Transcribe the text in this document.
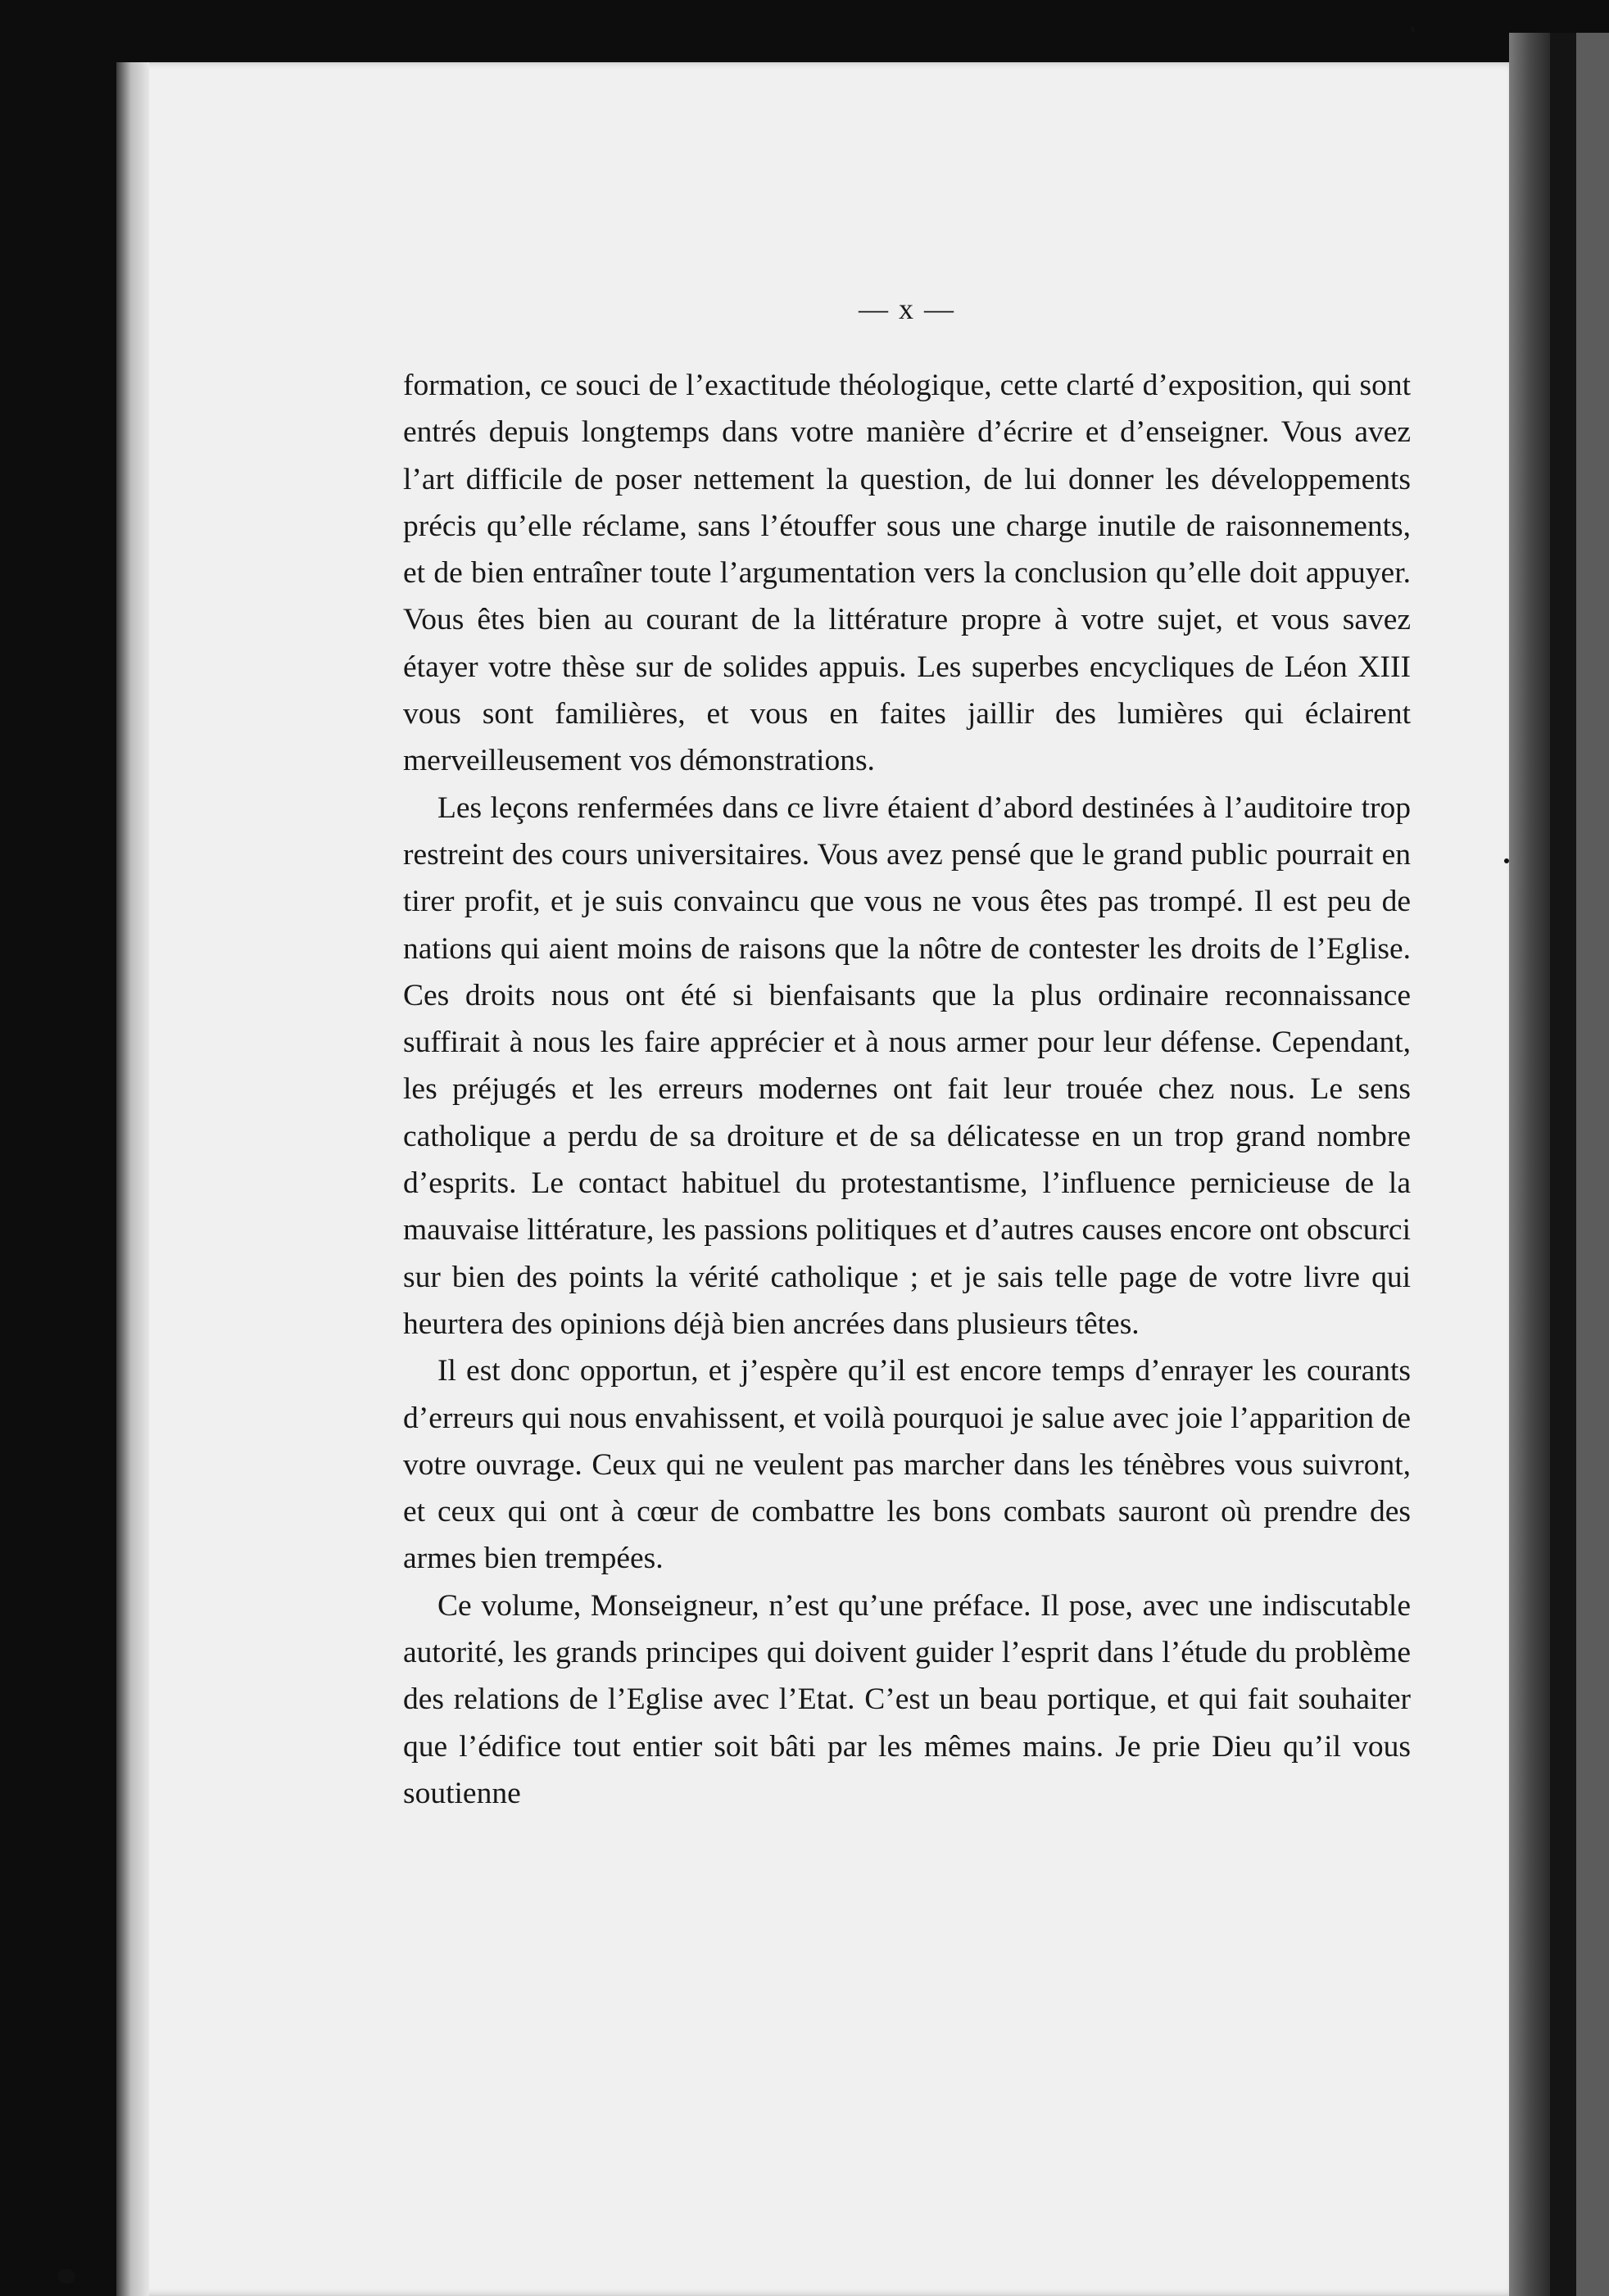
— x —

formation, ce souci de l’exactitude théologique, cette clarté d’exposition, qui sont entrés depuis longtemps dans votre manière d’écrire et d’enseigner. Vous avez l’art difficile de poser nettement la question, de lui donner les développements précis qu’elle réclame, sans l’étouffer sous une charge inutile de raisonnements, et de bien entraîner toute l’argumentation vers la conclusion qu’elle doit appuyer. Vous êtes bien au courant de la littérature propre à votre sujet, et vous savez étayer votre thèse sur de solides appuis. Les superbes encycliques de Léon XIII vous sont familières, et vous en faites jaillir des lumières qui éclairent merveilleusement vos démonstrations.

Les leçons renfermées dans ce livre étaient d’abord destinées à l’auditoire trop restreint des cours universitaires. Vous avez pensé que le grand public pourrait en tirer profit, et je suis convaincu que vous ne vous êtes pas trompé. Il est peu de nations qui aient moins de raisons que la nôtre de contester les droits de l’Eglise. Ces droits nous ont été si bienfaisants que la plus ordinaire reconnaissance suffirait à nous les faire apprécier et à nous armer pour leur défense. Cependant, les préjugés et les erreurs modernes ont fait leur trouée chez nous. Le sens catholique a perdu de sa droiture et de sa délicatesse en un trop grand nombre d’esprits. Le contact habituel du protestantisme, l’influence pernicieuse de la mauvaise littérature, les passions politiques et d’autres causes encore ont obscurci sur bien des points la vérité catholique ; et je sais telle page de votre livre qui heurtera des opinions déjà bien ancrées dans plusieurs têtes.

Il est donc opportun, et j’espère qu’il est encore temps d’enrayer les courants d’erreurs qui nous envahissent, et voilà pourquoi je salue avec joie l’apparition de votre ouvrage. Ceux qui ne veulent pas marcher dans les ténèbres vous suivront, et ceux qui ont à cœur de combattre les bons combats sauront où prendre des armes bien trempées.

Ce volume, Monseigneur, n’est qu’une préface. Il pose, avec une indiscutable autorité, les grands principes qui doivent guider l’esprit dans l’étude du problème des relations de l’Eglise avec l’Etat. C’est un beau portique, et qui fait souhaiter que l’édifice tout entier soit bâti par les mêmes mains. Je prie Dieu qu’il vous soutienne
